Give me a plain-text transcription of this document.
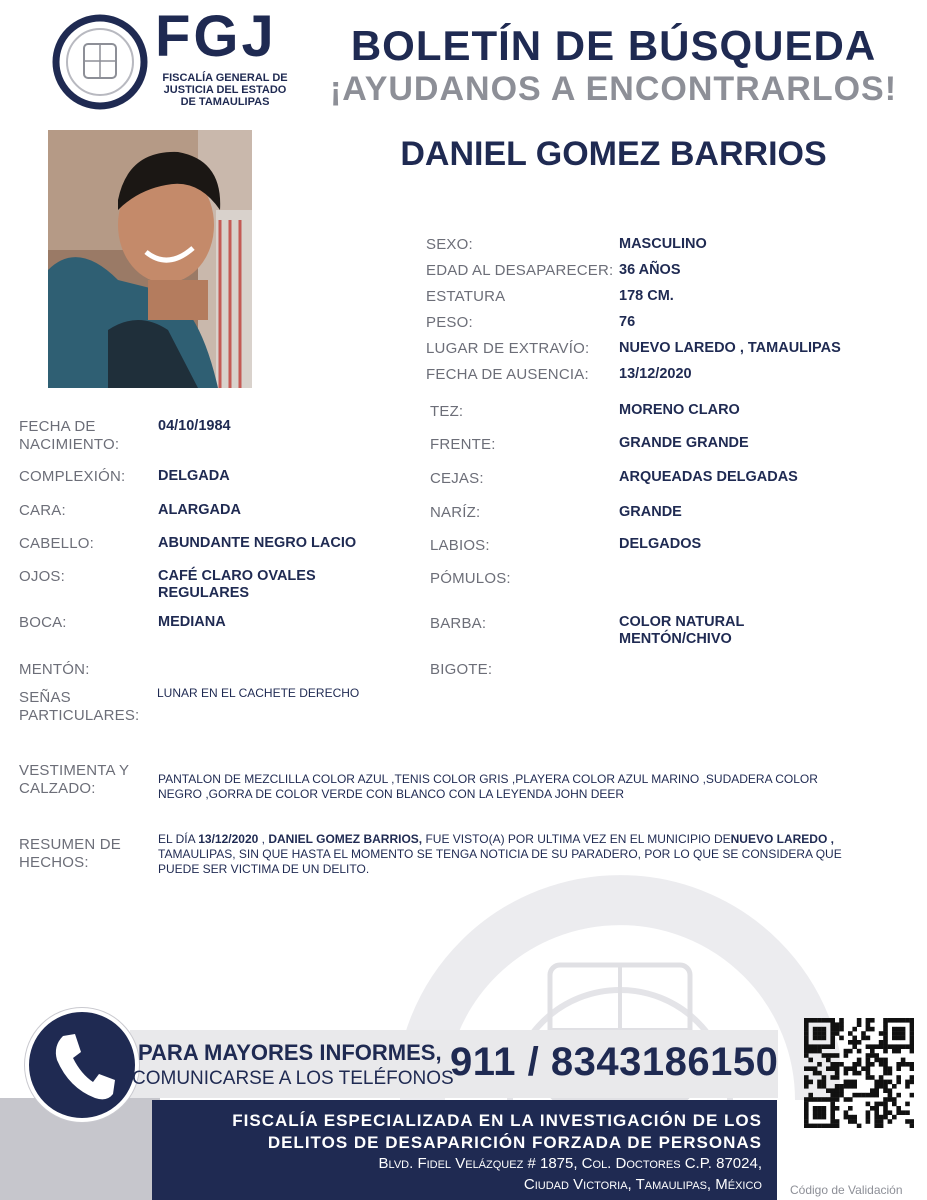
FGJ
FISCALÍA GENERAL DE JUSTICIA DEL ESTADO DE TAMAULIPAS
BOLETÍN DE BÚSQUEDA
¡AYUDANOS A ENCONTRARLOS!
DANIEL GOMEZ BARRIOS
SEXO:	MASCULINO
EDAD AL DESAPARECER: 36 AÑOS
ESTATURA	178 CM.
PESO:	76
LUGAR DE EXTRAVÍO: NUEVO LAREDO , TAMAULIPAS
FECHA DE AUSENCIA: 13/12/2020
FECHA DE NACIMIENTO:
04/10/1984
COMPLEXIÓN: DELGADA
CARA:	ALARGADA
CABELLO:	ABUNDANTE NEGRO LACIO
OJOS:	CAFÉ CLARO OVALES REGULARES
BOCA:	MEDIANA
MENTÓN:
SEÑAS PARTICULARES:
LUNAR EN EL CACHETE DERECHO
TEZ:	MORENO CLARO
FRENTE:	GRANDE GRANDE
CEJAS:	ARQUEADAS DELGADAS
NARÍZ:	GRANDE
LABIOS:	DELGADOS
PÓMULOS:
BARBA:	COLOR NATURAL MENTÓN/CHIVO
BIGOTE:
VESTIMENTA Y CALZADO:
PANTALON DE MEZCLILLA COLOR AZUL ,TENIS COLOR GRIS ,PLAYERA COLOR AZUL MARINO ,SUDADERA COLOR NEGRO ,GORRA DE COLOR VERDE CON BLANCO CON LA LEYENDA JOHN DEER
RESUMEN DE HECHOS:
EL DÍA 13/12/2020 , DANIEL GOMEZ BARRIOS, FUE VISTO(A) POR ULTIMA VEZ EN EL MUNICIPIO DENUEVO LAREDO , TAMAULIPAS, SIN QUE HASTA EL MOMENTO SE TENGA NOTICIA DE SU PARADERO, POR LO QUE SE CONSIDERA QUE PUEDE SER VICTIMA DE UN DELITO.
PARA MAYORES INFORMES,
COMUNICARSE A LOS TELÉFONOS
911 / 8343186150
FISCALÍA ESPECIALIZADA EN LA INVESTIGACIÓN DE LOS
DELITOS DE DESAPARICIÓN FORZADA DE PERSONAS
Blvd. Fidel Velázquez # 1875, Col. Doctores C.P. 87024,
Ciudad Victoria, Tamaulipas, México Código de Validación
